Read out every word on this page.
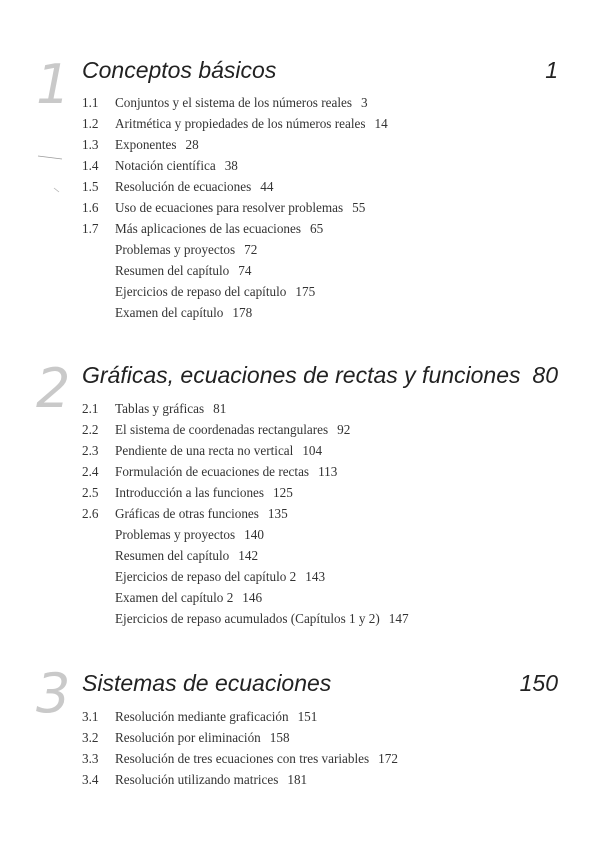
1 Conceptos básicos	1
1.1 Conjuntos y el sistema de los números reales 3
1.2 Aritmética y propiedades de los números reales 14
1.3 Exponentes 28
1.4 Notación científica 38
1.5 Resolución de ecuaciones 44
1.6 Uso de ecuaciones para resolver problemas 55
1.7 Más aplicaciones de las ecuaciones 65
Problemas y proyectos 72
Resumen del capítulo 74
Ejercicios de repaso del capítulo 175
Examen del capítulo 178
2 Gráficas, ecuaciones de rectas y funciones 80
2.1 Tablas y gráficas 81
2.2 El sistema de coordenadas rectangulares 92
2.3 Pendiente de una recta no vertical 104
2.4 Formulación de ecuaciones de rectas 113
2.5 Introducción a las funciones 125
2.6 Gráficas de otras funciones 135
Problemas y proyectos 140
Resumen del capítulo 142
Ejercicios de repaso del capítulo 2 143
Examen del capítulo 2 146
Ejercicios de repaso acumulados (Capítulos 1 y 2) 147
3 Sistemas de ecuaciones	150
3.1 Resolución mediante graficación 151
3.2 Resolución por eliminación 158
3.3 Resolución de tres ecuaciones con tres variables 172
3.4 Resolución utilizando matrices 181
